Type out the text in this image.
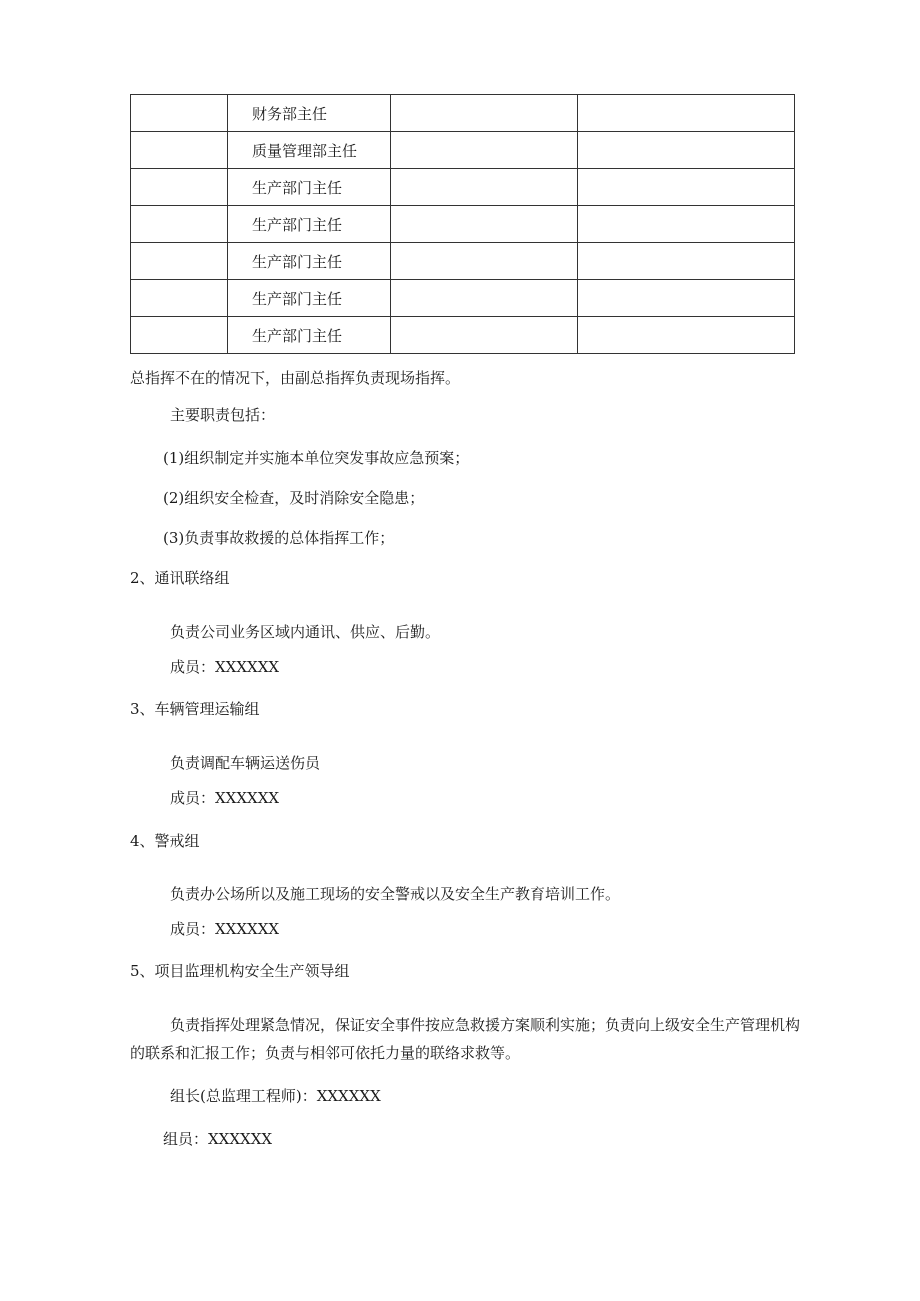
	财务部主任		
	质量管理部主任		
	生产部门主任		
	生产部门主任		
	生产部门主任		
	生产部门主任		
	生产部门主任		
总指挥不在的情况下，由副总指挥负责现场指挥。
主要职责包括：
(1)组织制定并实施本单位突发事故应急预案；
(2)组织安全检查，及时消除安全隐患；
(3)负责事故救援的总体指挥工作；
2、通讯联络组
负责公司业务区域内通讯、供应、后勤。
成员：XXXXXX
3、车辆管理运输组
负责调配车辆运送伤员
成员：XXXXXX
4、警戒组
负责办公场所以及施工现场的安全警戒以及安全生产教育培训工作。
成员：XXXXXX
5、项目监理机构安全生产领导组
负责指挥处理紧急情况，保证安全事件按应急救援方案顺利实施；负责向上级安全生产管理机构的联系和汇报工作；负责与相邻可依托力量的联络求救等。
组长(总监理工程师)：XXXXXX
组员：XXXXXX
